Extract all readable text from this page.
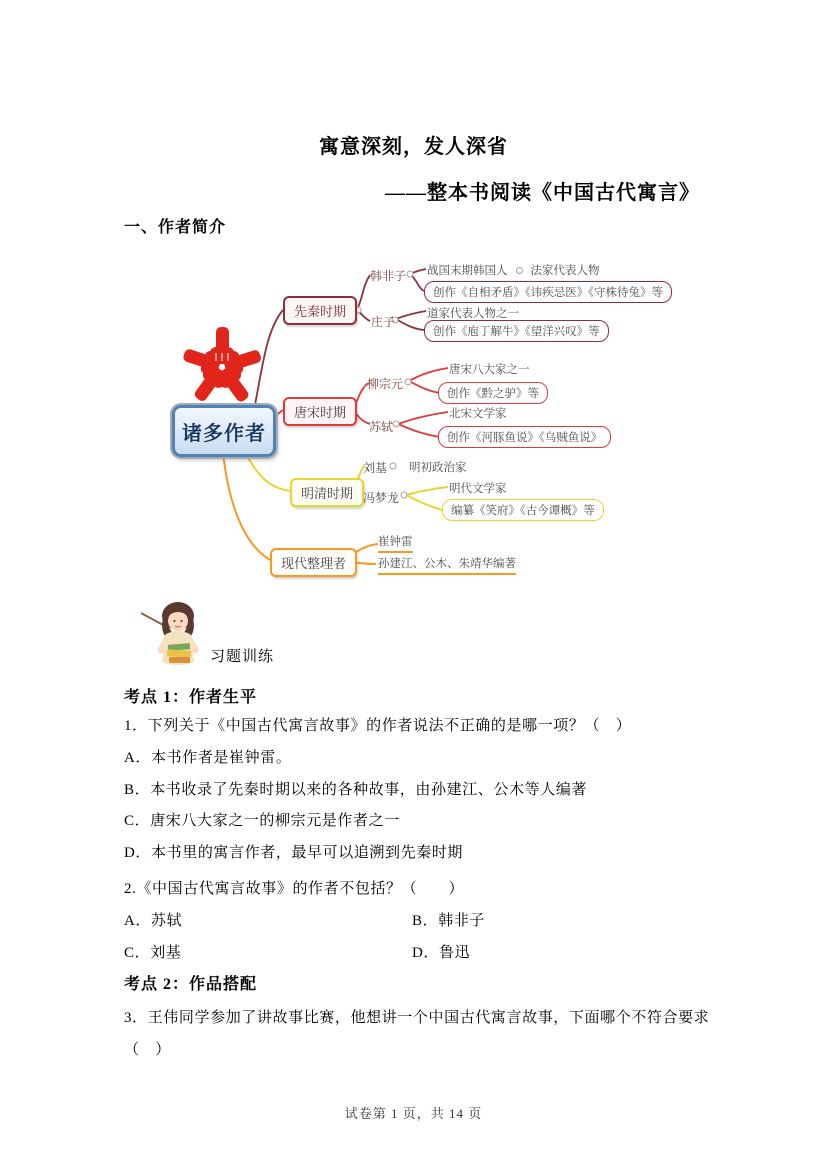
寓意深刻，发人深省
——整本书阅读《中国古代寓言》
一、作者简介
诸多作者
先秦时期
唐宋时期
明清时期
现代整理者
韩非子 战国末期韩国人 法家代表人物
创作《自相矛盾》《讳疾忌医》《守株待兔》等
庄子
道家代表人物之一
创作《庖丁解牛》《望洋兴叹》等
柳宗元
唐宋八大家之一
创作《黔之驴》等
苏轼
北宋文学家
创作《河豚鱼说》《乌贼鱼说》
刘基 明初政治家
冯梦龙
明代文学家
编纂《笑府》《古今谭概》等
崔钟雷
孙建江、公木、朱靖华编著
习题训练
考点 1：作者生平
1．下列关于《中国古代寓言故事》的作者说法不正确的是哪一项？（　）
A．本书作者是崔钟雷。
B．本书收录了先秦时期以来的各种故事，由孙建江、公木等人编著
C．唐宋八大家之一的柳宗元是作者之一
D．本书里的寓言作者，最早可以追溯到先秦时期
2.《中国古代寓言故事》的作者不包括？（　　）
A．苏轼	B．韩非子
C．刘基	D．鲁迅
考点 2：作品搭配
3．王伟同学参加了讲故事比赛，他想讲一个中国古代寓言故事，下面哪个不符合要求
（　）
试卷第 1 页，共 14 页
